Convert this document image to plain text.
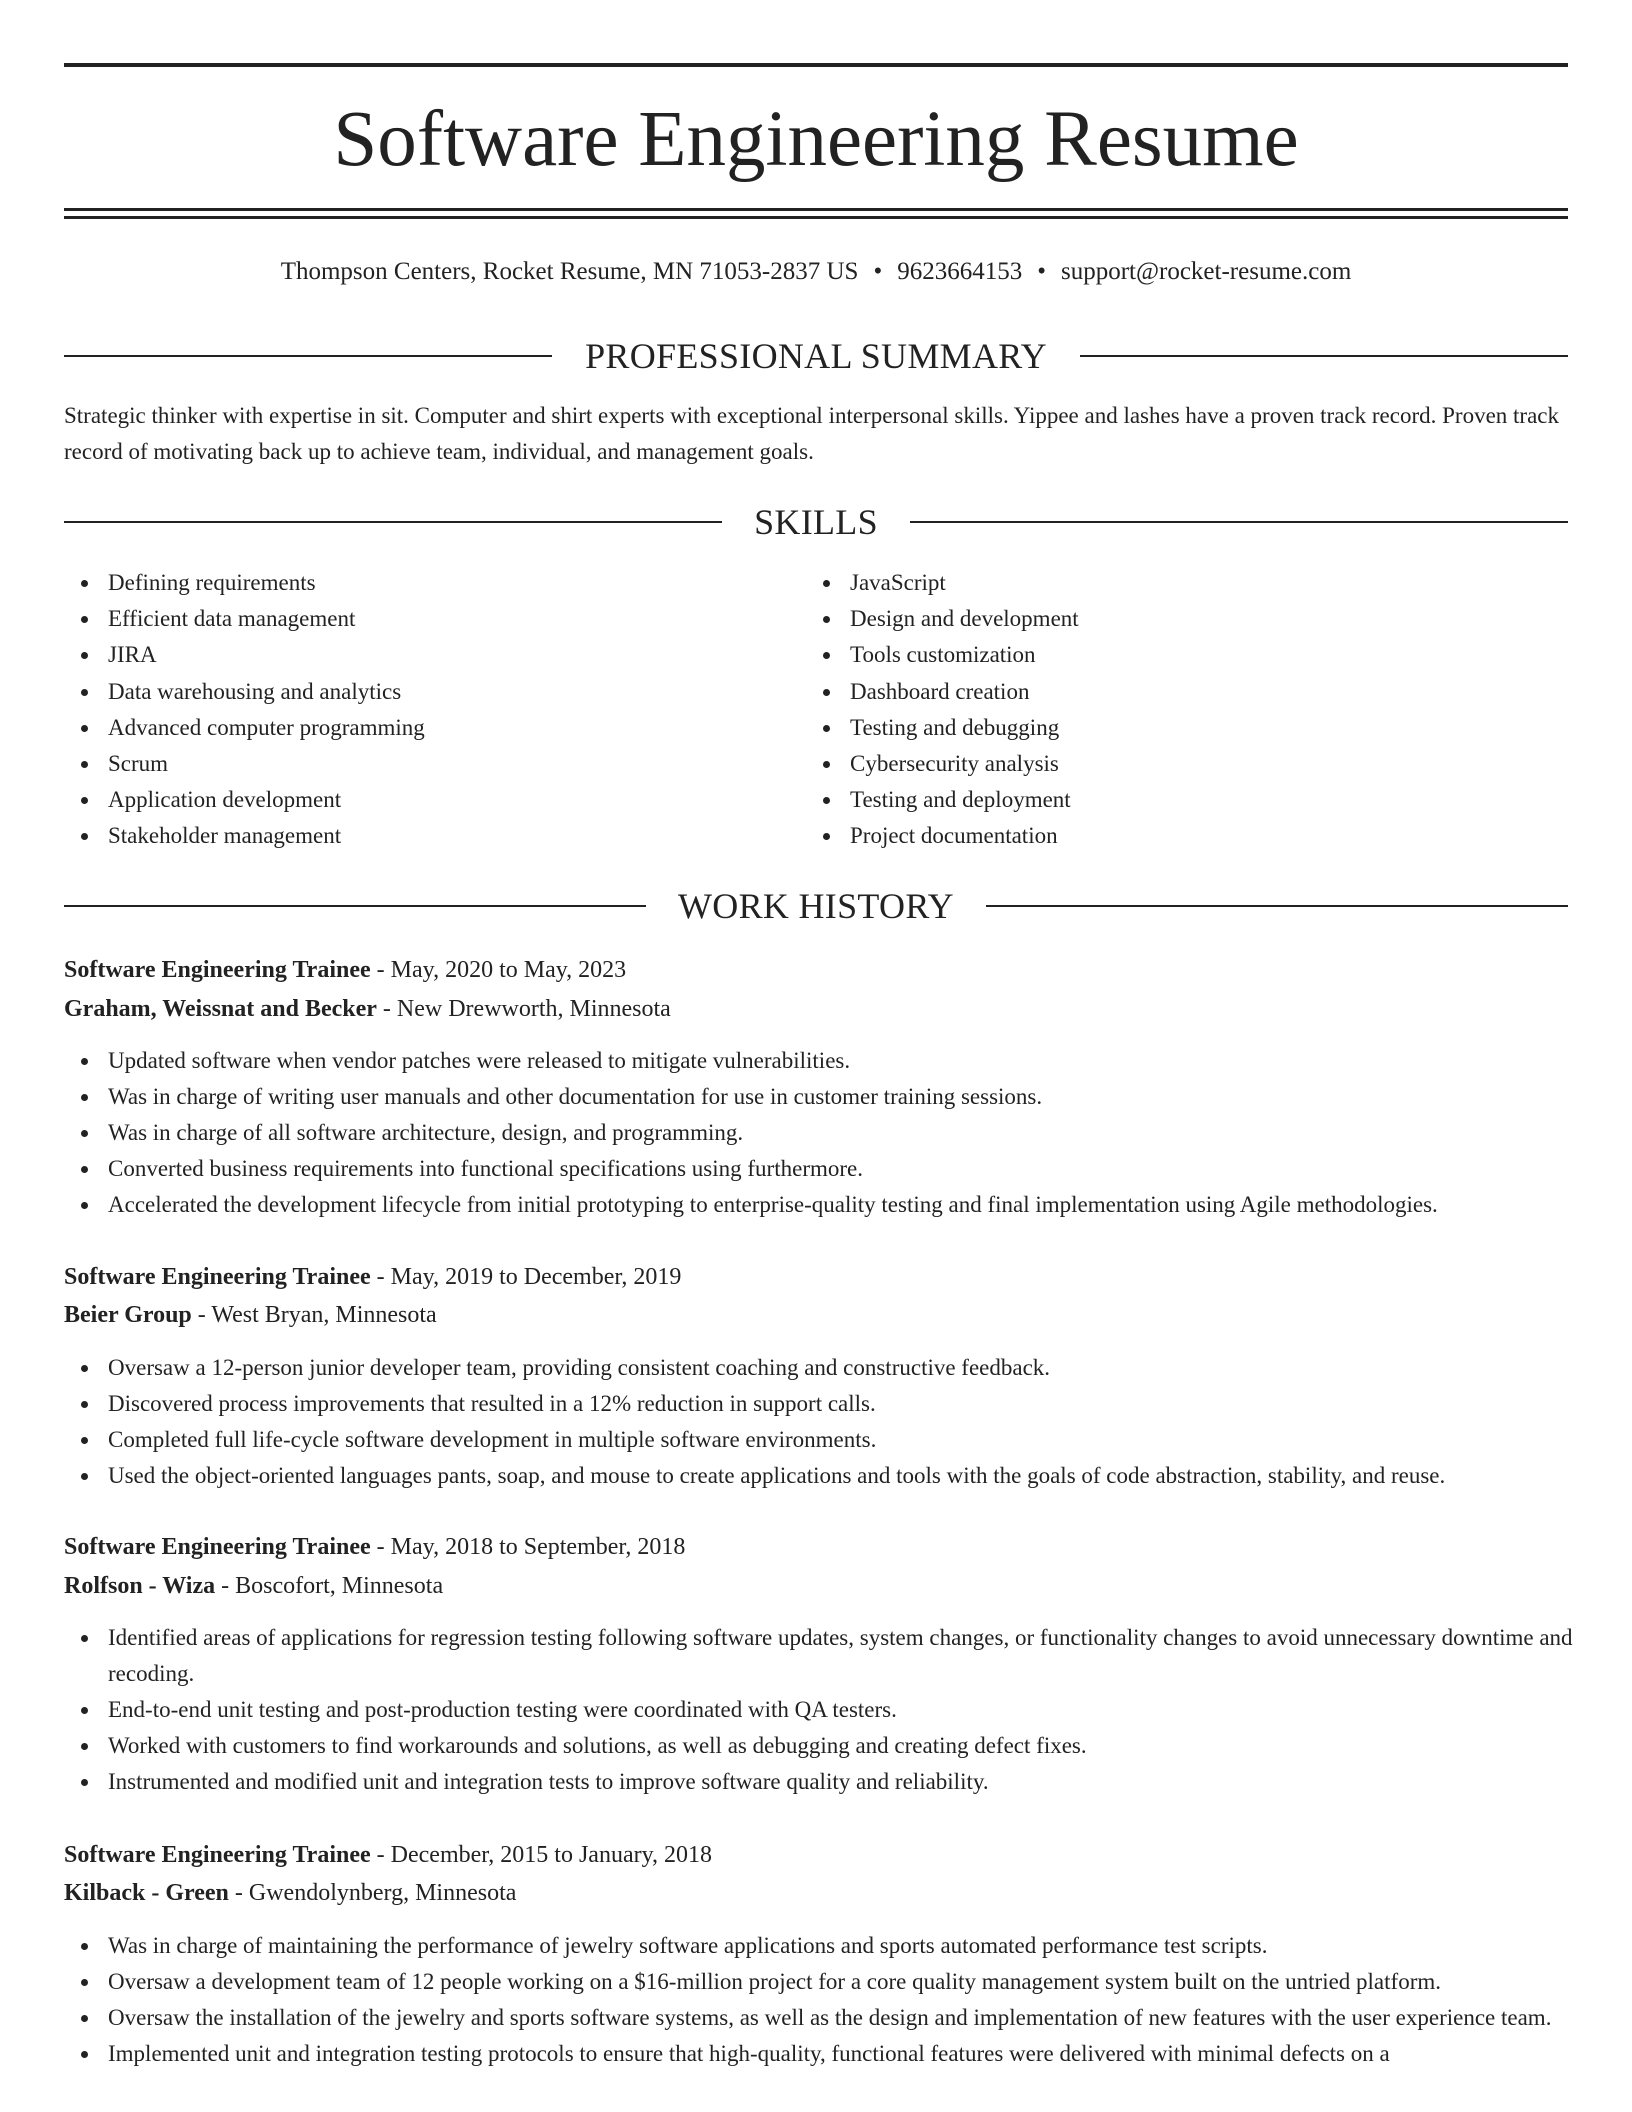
Software Engineering Resume
Thompson Centers, Rocket Resume, MN 71053-2837 US • 9623664153 • support@rocket-resume.com
PROFESSIONAL SUMMARY
Strategic thinker with expertise in sit. Computer and shirt experts with exceptional interpersonal skills. Yippee and lashes have a proven track record. Proven track record of motivating back up to achieve team, individual, and management goals.
SKILLS
Defining requirements
Efficient data management
JIRA
Data warehousing and analytics
Advanced computer programming
Scrum
Application development
Stakeholder management
JavaScript
Design and development
Tools customization
Dashboard creation
Testing and debugging
Cybersecurity analysis
Testing and deployment
Project documentation
WORK HISTORY
Software Engineering Trainee - May, 2020 to May, 2023
Graham, Weissnat and Becker - New Drewworth, Minnesota
Updated software when vendor patches were released to mitigate vulnerabilities.
Was in charge of writing user manuals and other documentation for use in customer training sessions.
Was in charge of all software architecture, design, and programming.
Converted business requirements into functional specifications using furthermore.
Accelerated the development lifecycle from initial prototyping to enterprise-quality testing and final implementation using Agile methodologies.
Software Engineering Trainee - May, 2019 to December, 2019
Beier Group - West Bryan, Minnesota
Oversaw a 12-person junior developer team, providing consistent coaching and constructive feedback.
Discovered process improvements that resulted in a 12% reduction in support calls.
Completed full life-cycle software development in multiple software environments.
Used the object-oriented languages pants, soap, and mouse to create applications and tools with the goals of code abstraction, stability, and reuse.
Software Engineering Trainee - May, 2018 to September, 2018
Rolfson - Wiza - Boscofort, Minnesota
Identified areas of applications for regression testing following software updates, system changes, or functionality changes to avoid unnecessary downtime and recoding.
End-to-end unit testing and post-production testing were coordinated with QA testers.
Worked with customers to find workarounds and solutions, as well as debugging and creating defect fixes.
Instrumented and modified unit and integration tests to improve software quality and reliability.
Software Engineering Trainee - December, 2015 to January, 2018
Kilback - Green - Gwendolynberg, Minnesota
Was in charge of maintaining the performance of jewelry software applications and sports automated performance test scripts.
Oversaw a development team of 12 people working on a $16-million project for a core quality management system built on the untried platform.
Oversaw the installation of the jewelry and sports software systems, as well as the design and implementation of new features with the user experience team.
Implemented unit and integration testing protocols to ensure that high-quality, functional features were delivered with minimal defects on a
